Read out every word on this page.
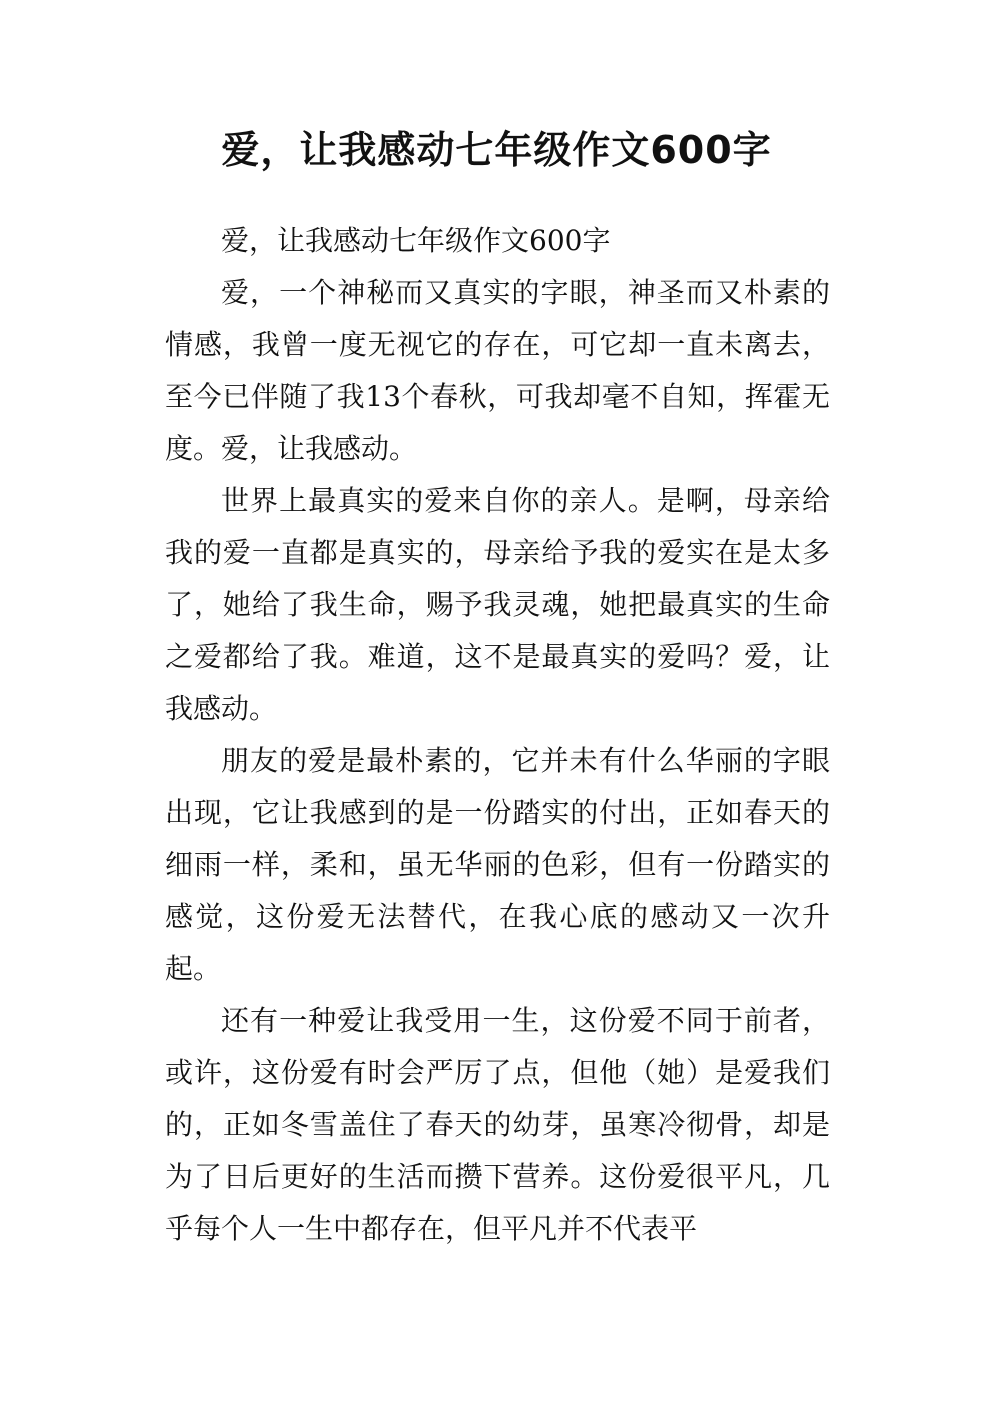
爱，让我感动七年级作文600字

爱，让我感动七年级作文600字

爱，一个神秘而又真实的字眼，神圣而又朴素的情感，我曾一度无视它的存在，可它却一直未离去，至今已伴随了我13个春秋，可我却毫不自知，挥霍无度。爱，让我感动。

世界上最真实的爱来自你的亲人。是啊，母亲给我的爱一直都是真实的，母亲给予我的爱实在是太多了，她给了我生命，赐予我灵魂，她把最真实的生命之爱都给了我。难道，这不是最真实的爱吗？爱，让我感动。

朋友的爱是最朴素的，它并未有什么华丽的字眼出现，它让我感到的是一份踏实的付出，正如春天的细雨一样，柔和，虽无华丽的色彩，但有一份踏实的感觉，这份爱无法替代，在我心底的感动又一次升起。

还有一种爱让我受用一生，这份爱不同于前者，或许，这份爱有时会严厉了点，但他（她）是爱我们的，正如冬雪盖住了春天的幼芽，虽寒冷彻骨，却是为了日后更好的生活而攒下营养。这份爱很平凡，几乎每个人一生中都存在，但平凡并不代表平
